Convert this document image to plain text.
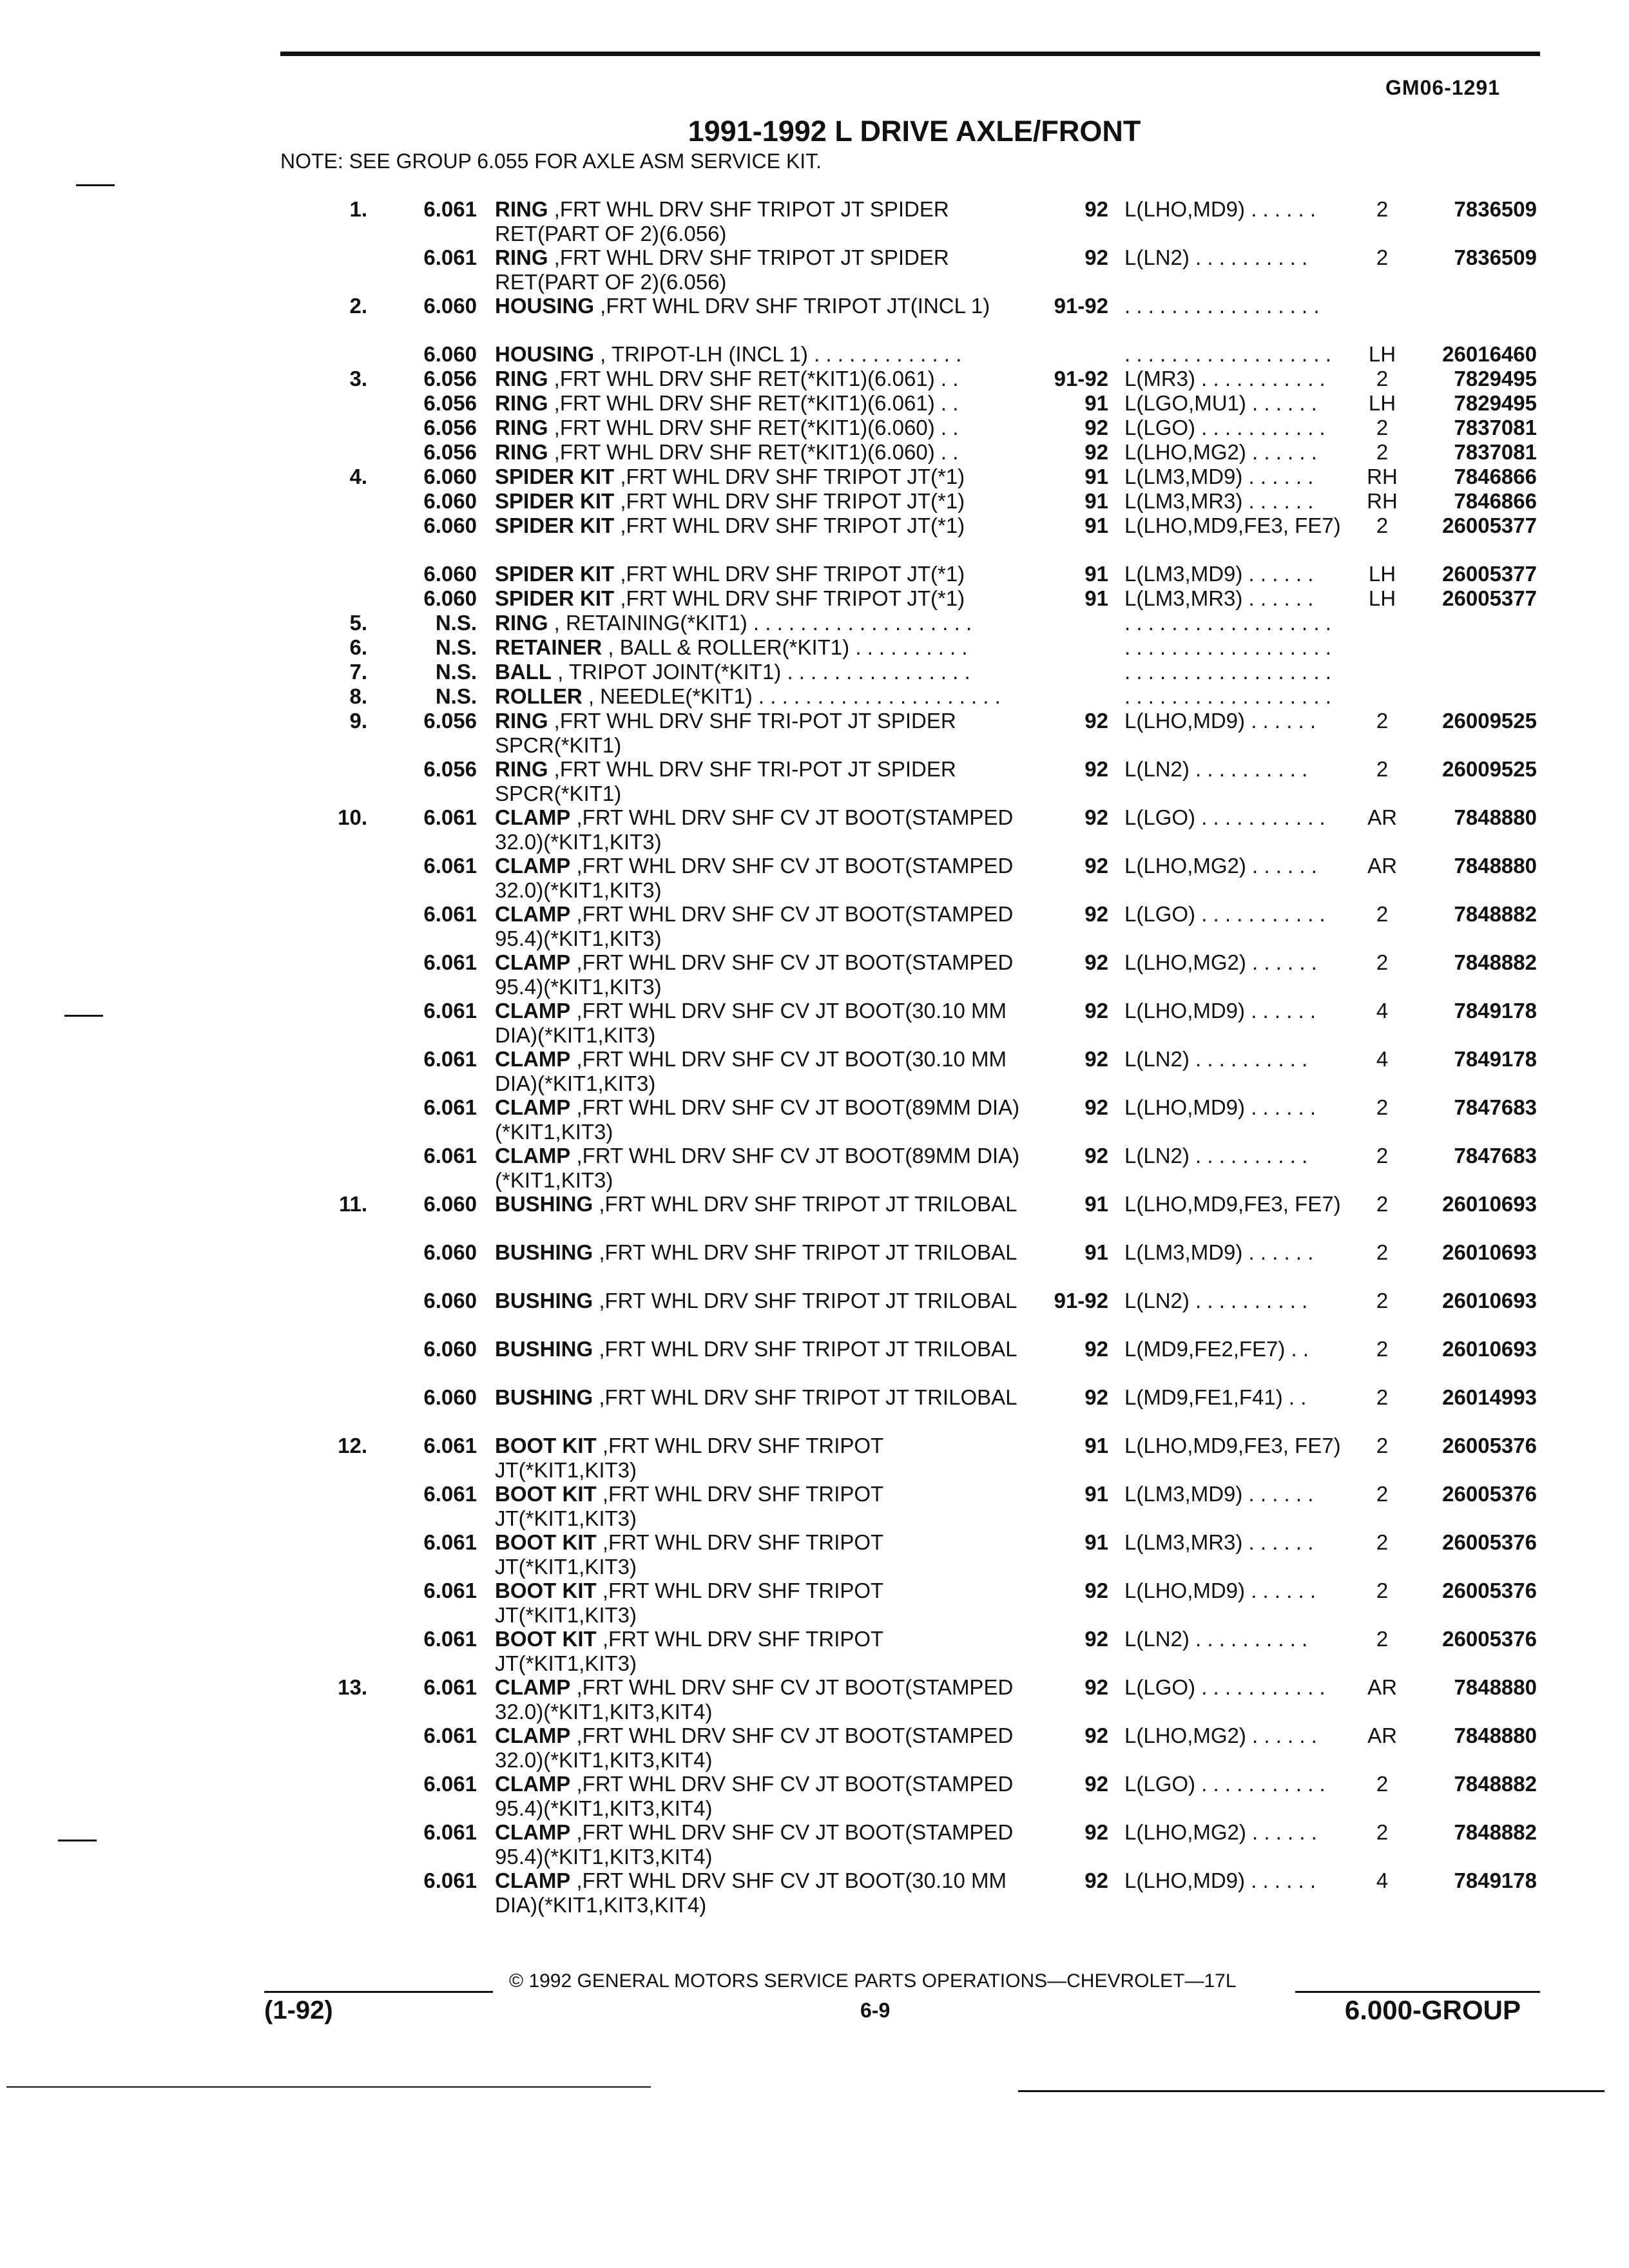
GM06-1291
1991-1992 L DRIVE AXLE/FRONT
NOTE: SEE GROUP 6.055 FOR AXLE ASM SERVICE KIT.
1.	6.061 RING ,FRT WHL DRV SHF TRIPOT JT SPIDER RET(PART OF 2)(6.056)
92 L(LHO,MD9) . . . . . .	2	7836509
6.061 RING ,FRT WHL DRV SHF TRIPOT JT SPIDER RET(PART OF 2)(6.056)
92 L(LN2) . . . . . . . . . .	2	7836509
2.	6.060 HOUSING ,FRT WHL DRV SHF TRIPOT JT(INCL 1)	91-92 . . . . . . . . . . . . . . . . .
6.060 HOUSING , TRIPOT-LH (INCL 1) . . . . . . . . . . . . .	. . . . . . . . . . . . . . . . . .	LH	26016460
3.	6.056 RING ,FRT WHL DRV SHF RET(*KIT1)(6.061) . .	91-92 L(MR3) . . . . . . . . . . .	2	7829495
6.056 RING ,FRT WHL DRV SHF RET(*KIT1)(6.061) . .	91 L(LGO,MU1) . . . . . .	LH	7829495
6.056 RING ,FRT WHL DRV SHF RET(*KIT1)(6.060) . .	92 L(LGO) . . . . . . . . . . .	2	7837081
6.056 RING ,FRT WHL DRV SHF RET(*KIT1)(6.060) . .	92 L(LHO,MG2) . . . . . .	2	7837081
4.	6.060 SPIDER KIT ,FRT WHL DRV SHF TRIPOT JT(*1)	91 L(LM3,MD9) . . . . . .	RH	7846866
6.060 SPIDER KIT ,FRT WHL DRV SHF TRIPOT JT(*1)	91 L(LM3,MR3) . . . . . .	RH	7846866
6.060 SPIDER KIT ,FRT WHL DRV SHF TRIPOT JT(*1)	91 L(LHO,MD9,FE3, FE7)	2	26005377
6.060 SPIDER KIT ,FRT WHL DRV SHF TRIPOT JT(*1)	91 L(LM3,MD9) . . . . . .	LH	26005377
6.060 SPIDER KIT ,FRT WHL DRV SHF TRIPOT JT(*1)	91 L(LM3,MR3) . . . . . .	LH	26005377
5.	N.S. RING , RETAINING(*KIT1) . . . . . . . . . . . . . . . . . . .	. . . . . . . . . . . . . . . . . .
6.	N.S. RETAINER , BALL & ROLLER(*KIT1) . . . . . . . . . .	. . . . . . . . . . . . . . . . . .
7.	N.S. BALL , TRIPOT JOINT(*KIT1) . . . . . . . . . . . . . . . .	. . . . . . . . . . . . . . . . . .
8.	N.S. ROLLER , NEEDLE(*KIT1) . . . . . . . . . . . . . . . . . . . . .	. . . . . . . . . . . . . . . . . .
9.	6.056 RING ,FRT WHL DRV SHF TRI-POT JT SPIDER SPCR(*KIT1)
92 L(LHO,MD9) . . . . . .	2	26009525
6.056 RING ,FRT WHL DRV SHF TRI-POT JT SPIDER SPCR(*KIT1)
92 L(LN2) . . . . . . . . . .	2	26009525
10.	6.061 CLAMP ,FRT WHL DRV SHF CV JT BOOT(STAMPED 32.0)(*KIT1,KIT3)
92 L(LGO) . . . . . . . . . . .	AR	7848880
6.061 CLAMP ,FRT WHL DRV SHF CV JT BOOT(STAMPED 32.0)(*KIT1,KIT3)
92 L(LHO,MG2) . . . . . .	AR	7848880
6.061 CLAMP ,FRT WHL DRV SHF CV JT BOOT(STAMPED 95.4)(*KIT1,KIT3)
92 L(LGO) . . . . . . . . . . .	2	7848882
6.061 CLAMP ,FRT WHL DRV SHF CV JT BOOT(STAMPED 95.4)(*KIT1,KIT3)
92 L(LHO,MG2) . . . . . .	2	7848882
6.061 CLAMP ,FRT WHL DRV SHF CV JT BOOT(30.10 MM DIA)(*KIT1,KIT3)
92 L(LHO,MD9) . . . . . .	4	7849178
6.061 CLAMP ,FRT WHL DRV SHF CV JT BOOT(30.10 MM DIA)(*KIT1,KIT3)
92 L(LN2) . . . . . . . . . .	4	7849178
6.061 CLAMP ,FRT WHL DRV SHF CV JT BOOT(89MM DIA)(*KIT1,KIT3)
92 L(LHO,MD9) . . . . . .	2	7847683
6.061 CLAMP ,FRT WHL DRV SHF CV JT BOOT(89MM DIA)(*KIT1,KIT3)
92 L(LN2) . . . . . . . . . .	2	7847683
11.	6.060 BUSHING ,FRT WHL DRV SHF TRIPOT JT TRILOBAL	91 L(LHO,MD9,FE3, FE7)	2	26010693
6.060 BUSHING ,FRT WHL DRV SHF TRIPOT JT TRILOBAL	91 L(LM3,MD9) . . . . . .	2	26010693
6.060 BUSHING ,FRT WHL DRV SHF TRIPOT JT TRILOBAL	91-92 L(LN2) . . . . . . . . . .	2	26010693
6.060 BUSHING ,FRT WHL DRV SHF TRIPOT JT TRILOBAL	92 L(MD9,FE2,FE7) . .	2	26010693
6.060 BUSHING ,FRT WHL DRV SHF TRIPOT JT TRILOBAL	92 L(MD9,FE1,F41) . .	2	26014993
12.	6.061 BOOT KIT ,FRT WHL DRV SHF TRIPOT JT(*KIT1,KIT3)
91 L(LHO,MD9,FE3, FE7)	2	26005376
6.061 BOOT KIT ,FRT WHL DRV SHF TRIPOT JT(*KIT1,KIT3)
91 L(LM3,MD9) . . . . . .	2	26005376
6.061 BOOT KIT ,FRT WHL DRV SHF TRIPOT JT(*KIT1,KIT3)
91 L(LM3,MR3) . . . . . .	2	26005376
6.061 BOOT KIT ,FRT WHL DRV SHF TRIPOT JT(*KIT1,KIT3)
92 L(LHO,MD9) . . . . . .	2	26005376
6.061 BOOT KIT ,FRT WHL DRV SHF TRIPOT JT(*KIT1,KIT3)
92 L(LN2) . . . . . . . . . .	2	26005376
13.	6.061 CLAMP ,FRT WHL DRV SHF CV JT BOOT(STAMPED 32.0)(*KIT1,KIT3,KIT4)
92 L(LGO) . . . . . . . . . . .	AR	7848880
6.061 CLAMP ,FRT WHL DRV SHF CV JT BOOT(STAMPED 32.0)(*KIT1,KIT3,KIT4)
92 L(LHO,MG2) . . . . . .	AR	7848880
6.061 CLAMP ,FRT WHL DRV SHF CV JT BOOT(STAMPED 95.4)(*KIT1,KIT3,KIT4)
92 L(LGO) . . . . . . . . . . .	2	7848882
6.061 CLAMP ,FRT WHL DRV SHF CV JT BOOT(STAMPED 95.4)(*KIT1,KIT3,KIT4)
92 L(LHO,MG2) . . . . . .	2	7848882
6.061 CLAMP ,FRT WHL DRV SHF CV JT BOOT(30.10 MM DIA)(*KIT1,KIT3,KIT4)
92 L(LHO,MD9) . . . . . .	4	7849178
© 1992 GENERAL MOTORS SERVICE PARTS OPERATIONS—CHEVROLET—17L
(1-92)	6-9	6.000-GROUP
